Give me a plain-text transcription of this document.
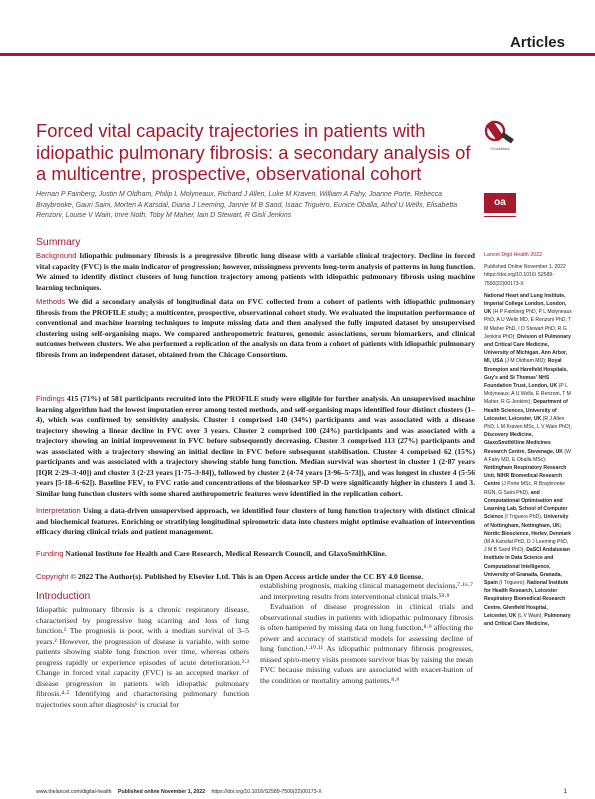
Articles
Forced vital capacity trajectories in patients with idiopathic pulmonary fibrosis: a secondary analysis of a multicentre, prospective, observational cohort
CrossMark
Hernan P Fainberg, Justin M Oldham, Philip L Molyneaux, Richard J Allen, Luke M Kraven, William A Fahy, Joanne Porte, Rebecca Braybrooke, Gauri Saini, Morten A Karsdal, Diana J Leeming, Jannie M B Sand, Isaac Triguero, Eunice Oballa, Athol U Wells, Elisabetta Renzoni, Louise V Wain, Imre Noth, Toby M Maher, Iain D Stewart, R Gisli Jenkins
oa
Summary
Background Idiopathic pulmonary fibrosis is a progressive fibrotic lung disease with a variable clinical trajectory. Decline in forced vital capacity (FVC) is the main indicator of progression; however, missingness prevents long-term analysis of patterns in lung function. We aimed to identify distinct clusters of lung function trajectory among patients with idiopathic pulmonary fibrosis using machine learning techniques.
Methods We did a secondary analysis of longitudinal data on FVC collected from a cohort of patients with idiopathic pulmonary fibrosis from the PROFILE study; a multicentre, prospective, observational cohort study. We evaluated the imputation performance of conventional and machine learning techniques to impute missing data and then analysed the fully imputed dataset by unsupervised clustering using self-organising maps. We compared anthropometric features, genomic associations, serum biomarkers, and clinical outcomes between clusters. We also performed a replication of the analysis on data from a cohort of patients with idiopathic pulmonary fibrosis from an independent dataset, obtained from the Chicago Consortium.
Findings 415 (71%) of 581 participants recruited into the PROFILE study were eligible for further analysis. An unsupervised machine learning algorithm had the lowest imputation error among tested methods, and self-organising maps identified four distinct clusters (1–4), which was confirmed by sensitivity analysis. Cluster 1 comprised 140 (34%) participants and was associated with a disease trajectory showing a linear decline in FVC over 3 years. Cluster 2 comprised 100 (24%) participants and was associated with a trajectory showing an initial improvement in FVC before subsequently decreasing. Cluster 3 comprised 113 (27%) participants and was associated with a trajectory showing an initial decline in FVC before subsequent stabilisation. Cluster 4 comprised 62 (15%) participants and was associated with a trajectory showing stable lung function. Median survival was shortest in cluster 1 (2·87 years [IQR 2·29–3·40]) and cluster 3 (2·23 years [1·75–3·84]), followed by cluster 2 (4·74 years [3·96–5·73]), and was longest in cluster 4 (5·56 years [5·18–6·62]). Baseline FEV₁ to FVC ratio and concentrations of the biomarker SP-D were significantly higher in clusters 1 and 3. Similar lung function clusters with some shared anthropometric features were identified in the replication cohort.
Interpretation Using a data-driven unsupervised approach, we identified four clusters of lung function trajectory with distinct clinical and biochemical features. Enriching or stratifying longitudinal spirometric data into clusters might optimise evaluation of intervention efficacy during clinical trials and patient management.
Funding National Institute for Health and Care Research, Medical Research Council, and GlaxoSmithKline.
Copyright © 2022 The Author(s). Published by Elsevier Ltd. This is an Open Access article under the CC BY 4.0 license.
Introduction

Idiopathic pulmonary fibrosis is a chronic respiratory disease, characterised by progressive lung scarring and loss of lung function.¹ The prognosis is poor, with a median survival of 3–5 years.² However, the progression of disease is variable, with some patients showing stable lung function over time, whereas others progress rapidly or experience episodes of acute deterioration.²·³ Change in forced vital capacity (FVC) is an accepted marker of disease progression in patients with idiopathic pulmonary fibrosis.⁴·⁵ Identifying and characterising pulmonary function trajectories soon after diagnosis⁶ is crucial for

establishing prognosis, making clinical management decisions,⁷·¹⁶·⁷ and interpreting results from interventional clinical trials.⁵⁸·⁹

Evaluation of disease progression in clinical trials and observational studies in patients with idiopathic pulmonary fibrosis is often hampered by missing data on lung function,⁸·⁹ affecting the power and accuracy of statistical models for assessing decline of lung function.¹·¹⁰·¹¹ As idiopathic pulmonary fibrosis progresses, missed spiro-metry visits promote survivor bias by raising the mean FVC because missing values are associated with exacer-bation of the condition or mortality among patients.⁸·⁹

Lancet Digit Health 2022

Published Online November 1, 2022 https://doi.org/10.1016/ S2589-7500(22)00173-X

National Heart and Lung Institute, Imperial College London, London, UK (H P Fainberg PhD, P L Molyneaux PhD, A U Wells MD, E Renzoni PhD, T M Maher PhD, I D Stewart PhD, R G Jenkins PhD); Division of Pulmonary and Critical Care Medicine, University of Michigan, Ann Arbor, MI, USA (J M Oldham MD); Royal Brompton and Harefield Hospitals, Guy's and St Thomas' NHS Foundation Trust, London, UK (P L Molyneaux, A U Wells, E Renzoni, T M Maher, R G Jenkins); Department of Health Sciences, University of Leicester, Leicester, UK (R J Allen PhD, L M Kraven MSc, L V Wain PhD); Discovery Medicine, GlaxoSmithKline Medicines Research Centre, Stevenage, UK (W A Fahy MD, E Oballa MSc); Nottingham Respiratory Research Unit, NIHR Biomedical Research Centre (J Porte MSc, R Braybrooke RGN, G Saini PhD), and Computational Optimisation and Learning Lab, School of Computer Science (I Triguero PhD), University of Nottingham, Nottingham, UK; Nordic Bioscience, Herlev, Denmark (M A Karsdal PhD, D J Leeming PhD, J M B Sand PhD); DaSCI Andalusian Institute in Data Science and Computational Intelligence, University of Granada, Granada, Spain (I Triguero); National Institute for Health Research, Leicester Respiratory Biomedical Research Centre, Glenfield Hospital, Leicester, UK (L V Wain); Pulmonary and Critical Care Medicine,

www.thelancet.com/digital-health Published online November 1, 2022 https://doi.org/10.1016/S2589-7500(22)00173-X	1
